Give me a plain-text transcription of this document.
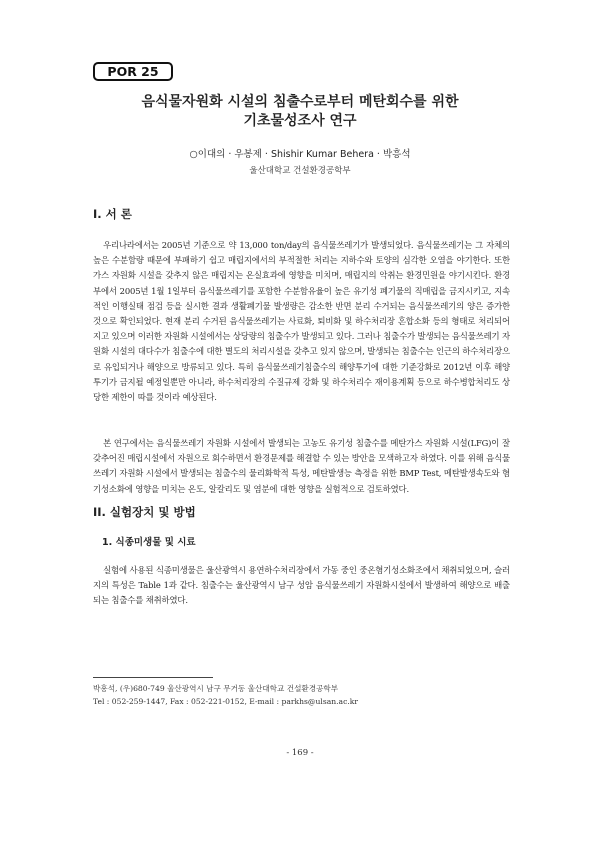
POR 25
음식물자원화 시설의 침출수로부터 메탄회수를 위한
기초물성조사 연구
○이대의 · 우봉제 · Shishir Kumar Behera · 박흥석
울산대학교 건설환경공학부
I. 서 론

우리나라에서는 2005년 기준으로 약 13,000 ton/day의 음식물쓰레기가 발생되었다. 음식물쓰레기는 그 자체의 높은 수분함량 때문에 부패하기 쉽고 매립지에서의 부적절한 처리는 지하수와 토양의 심각한 오염을 야기한다. 또한 가스 자원화 시설을 갖추지 않은 매립지는 온실효과에 영향을 미치며, 매립지의 악취는 환경민원을 야기시킨다. 환경부에서 2005년 1월 1일부터 음식물쓰레기를 포함한 수분함유율이 높은 유기성 폐기물의 직매립을 금지시키고, 지속적인 이행실태 점검 등을 실시한 결과 생활폐기물 발생량은 감소한 반면 분리 수거되는 음식물쓰레기의 양은 증가한 것으로 확인되었다. 현재 분리 수거된 음식물쓰레기는 사료화, 퇴비화 및 하수처리장 혼합소화 등의 형태로 처리되어지고 있으며 이러한 자원화 시설에서는 상당량의 침출수가 발생되고 있다. 그러나 침출수가 발생되는 음식물쓰레기 자원화 시설의 대다수가 침출수에 대한 별도의 처리시설을 갖추고 있지 않으며, 발생되는 침출수는 인근의 하수처리장으로 유입되거나 해양으로 방류되고 있다. 특히 음식물쓰레기침출수의 해양투기에 대한 기준강화로 2012년 이후 해양투기가 금지될 예정일뿐만 아니라, 하수처리장의 수질규제 강화 및 하수처리수 재이용계획 등으로 하수병합처리도 상당한 제한이 따를 것이라 예상된다.

본 연구에서는 음식물쓰레기 자원화 시설에서 발생되는 고농도 유기성 침출수를 메탄가스 자원화 시설(LFG)이 잘 갖추어진 매립시설에서 자원으로 회수하면서 환경문제를 해결할 수 있는 방안을 모색하고자 하였다. 이를 위해 음식물쓰레기 자원화 시설에서 발생되는 침출수의 물리화학적 특성, 메탄발생능 측정을 위한 BMP Test, 메탄발생속도와 혐기성소화에 영향을 미치는 온도, 알칼리도 및 염분에 대한 영향을 실험적으로 검토하였다.

II. 실험장치 및 방법
1. 식종미생물 및 시료

실험에 사용된 식종미생물은 울산광역시 용연하수처리장에서 가동 중인 중온혐기성소화조에서 채취되었으며, 슬러지의 특성은 Table 1과 같다. 침출수는 울산광역시 남구 성암 음식물쓰레기 자원화시설에서 발생하여 해양으로 배출되는 침출수를 채취하였다.

박흥석, (우)680-749 울산광역시 남구 무거동 울산대학교 건설환경공학부

Tel : 052-259-1447, Fax : 052-221-0152, E-mail : parkhs@ulsan.ac.kr

- 169 -
